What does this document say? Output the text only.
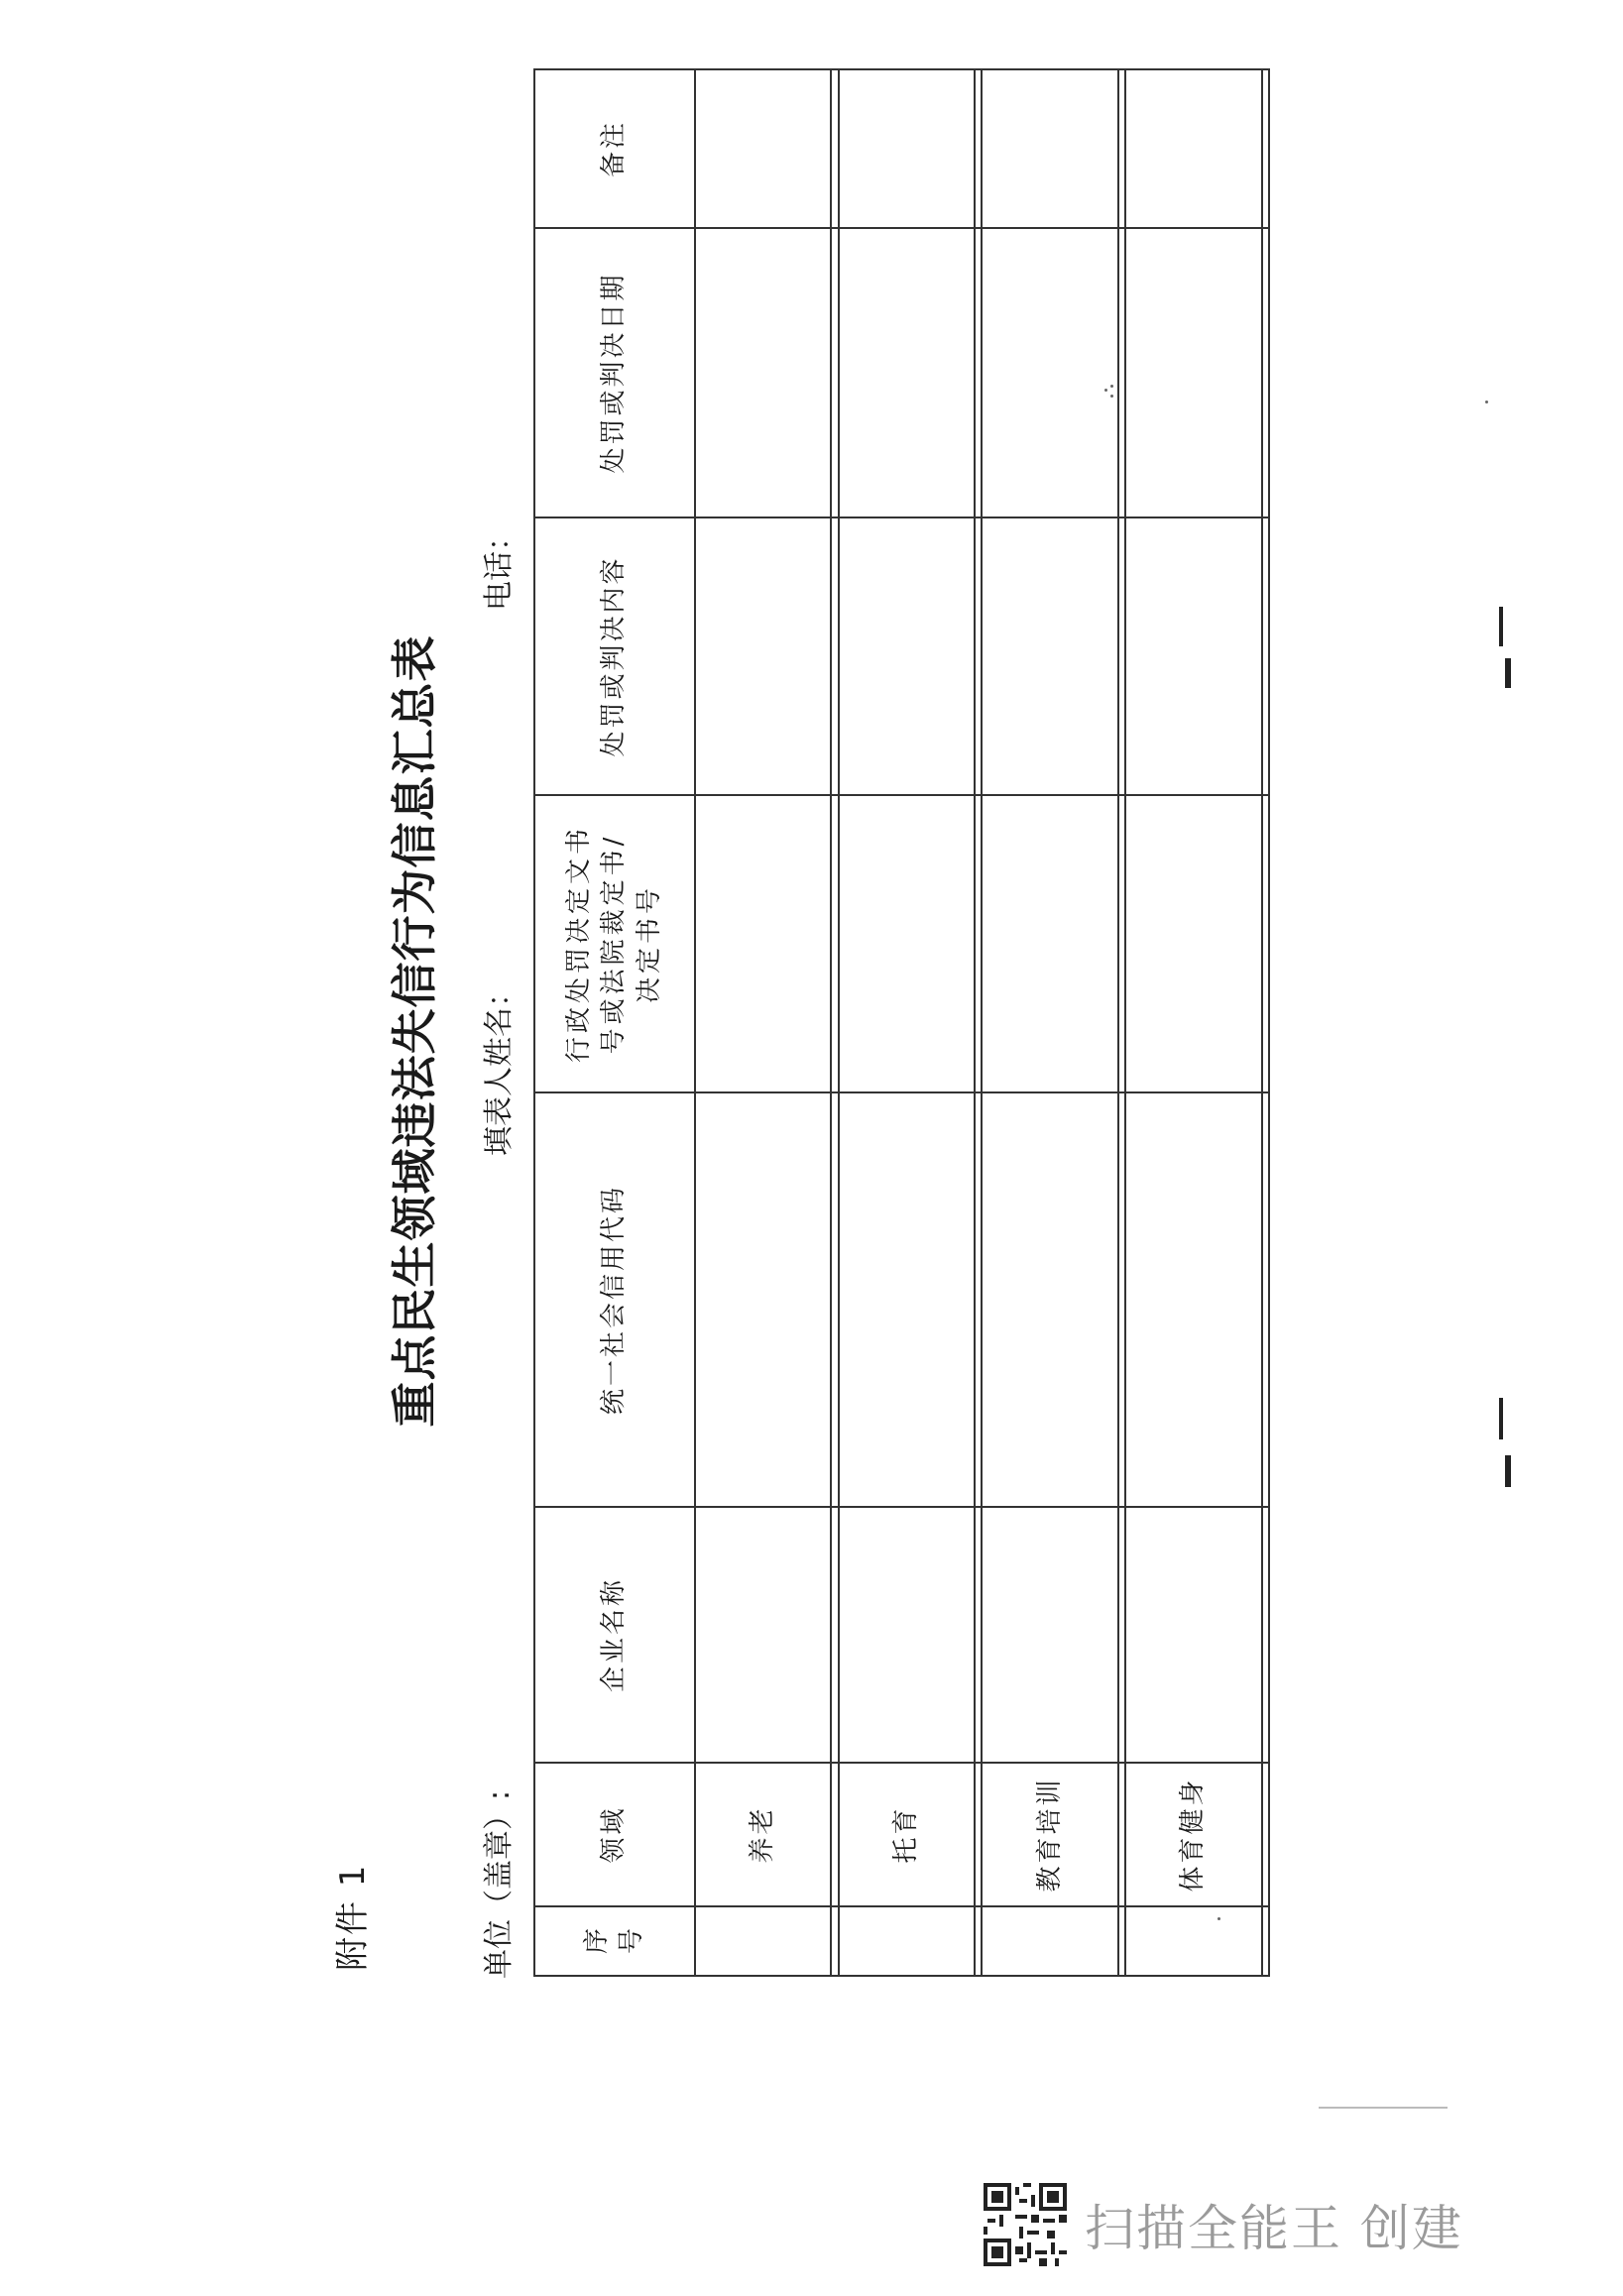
附件 1
重点民生领域违法失信行为信息汇总表
单位（盖章）:
填表人姓名：
电话：
序号	领域	企业名称	统一社会信用代码	行政处罚决定文书号或法院裁定书/决定书号	处罚或判决内容	处罚或判决日期	备注

	养老						

	托育						

	教育培训						

	体育健身						

扫描全能王 创建
